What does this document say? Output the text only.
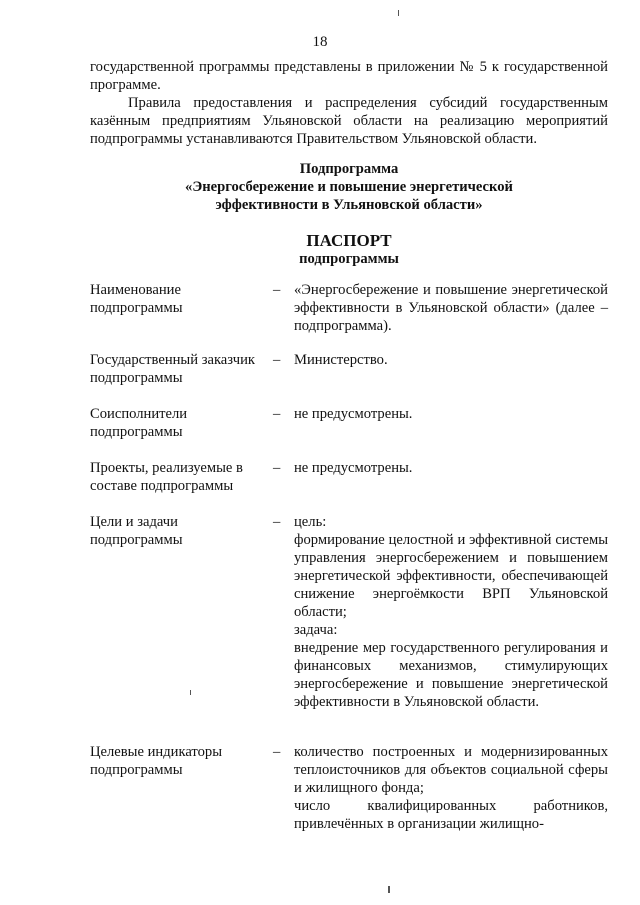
18

государственной программы представлены в приложении № 5 к государственной программе.

Правила предоставления и распределения субсидий государственным казённым предприятиям Ульяновской области на реализацию мероприятий подпрограммы устанавливаются Правительством Ульяновской области.

Подпрограмма
«Энергосбережение и повышение энергетической
эффективности в Ульяновской области»
ПАСПОРТ
подпрограммы
Наименование подпрограммы
– «Энергосбережение и повышение энергетической эффективности в Ульяновской области» (далее – подпрограмма).
Государственный заказчик подпрограммы
– Министерство.
Соисполнители подпрограммы
– не предусмотрены.
Проекты, реализуемые в составе подпрограммы
– не предусмотрены.
Цели и задачи подпрограммы
– цель:
формирование целостной и эффективной системы управления энергосбережением и повышением энергетической эффективности, обеспечивающей снижение энергоёмкости ВРП Ульяновской области;
задача:
внедрение мер государственного регулирования и финансовых механизмов, стимулирующих энергосбережение и повышение энергетической эффективности в Ульяновской области.
Целевые индикаторы подпрограммы
– количество построенных и модернизированных теплоисточников для объектов социальной сферы и жилищного фонда;
число квалифицированных работников, привлечённых в организации жилищно-
